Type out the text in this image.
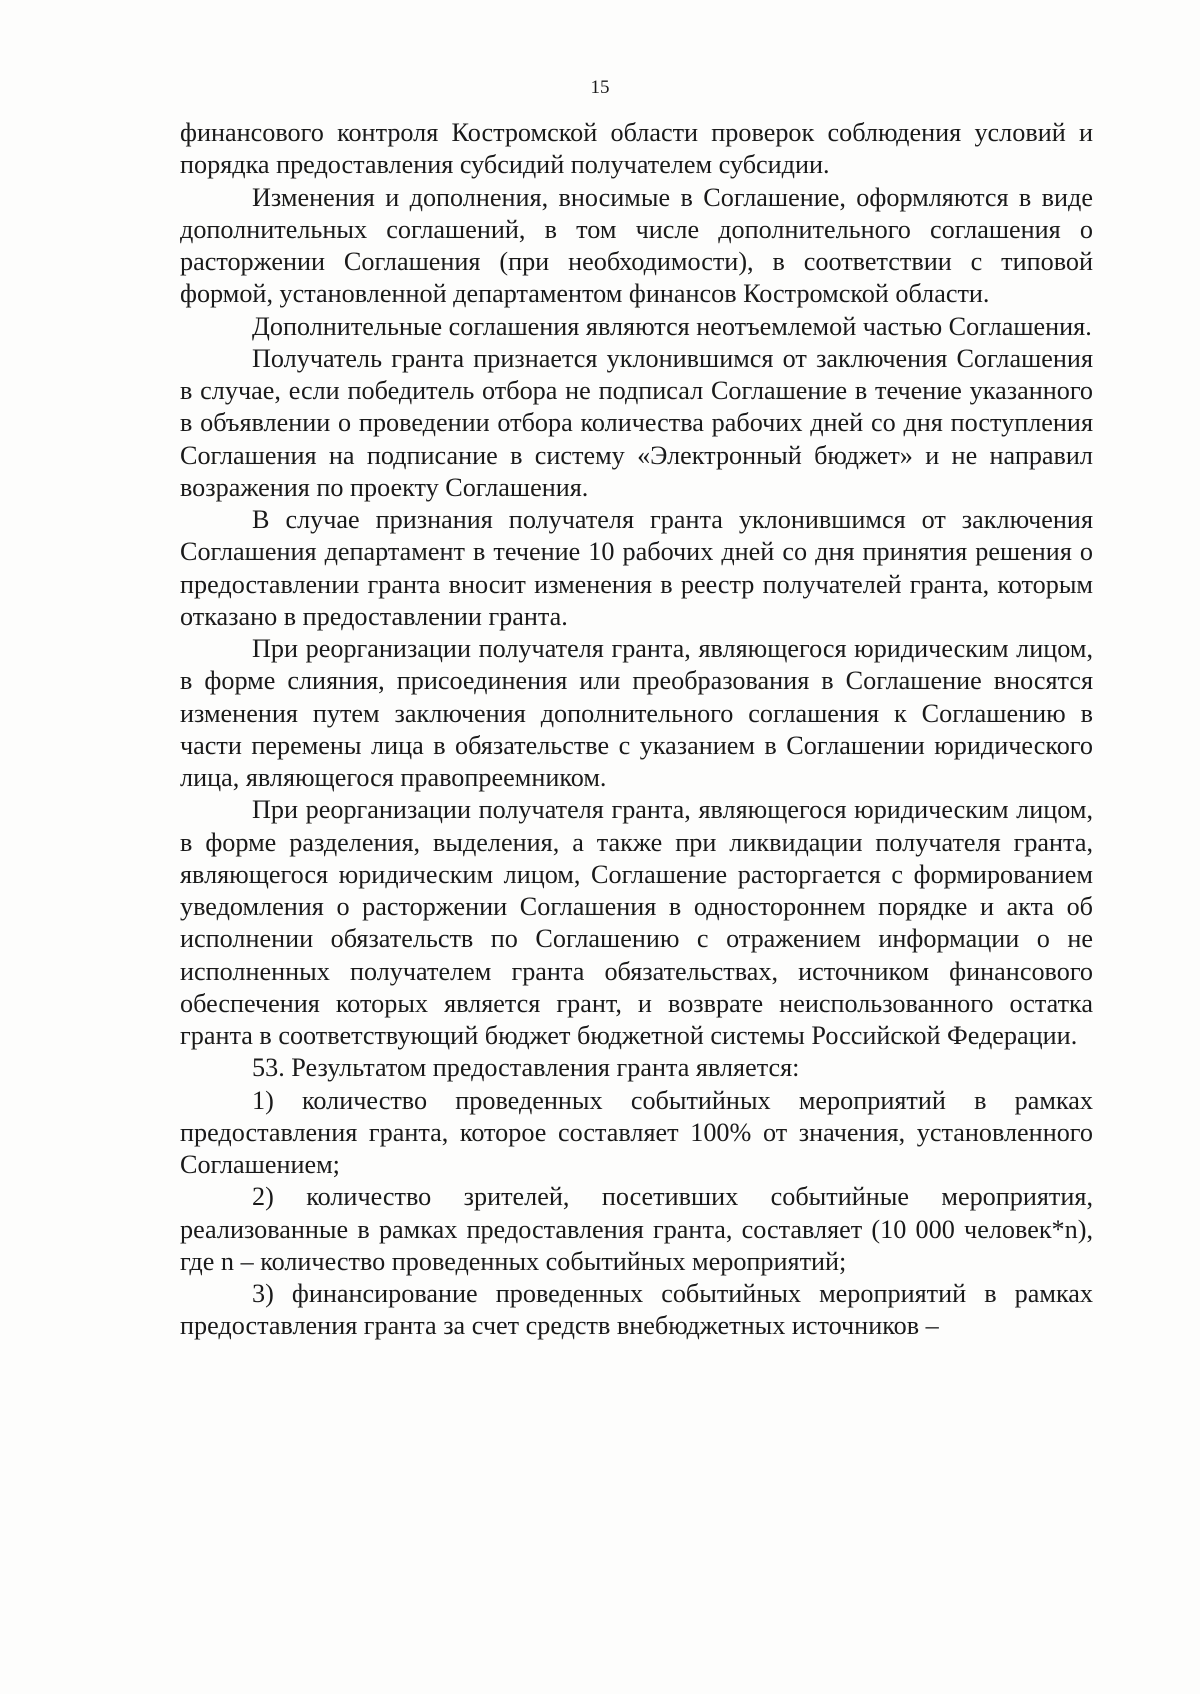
15

финансового контроля Костромской области проверок соблюдения условий и порядка предоставления субсидий получателем субсидии.

Изменения и дополнения, вносимые в Соглашение, оформляются в виде дополнительных соглашений, в том числе дополнительного соглашения о расторжении Соглашения (при необходимости), в соответствии с типовой формой, установленной департаментом финансов Костромской области.

Дополнительные соглашения являются неотъемлемой частью Соглашения.

Получатель гранта признается уклонившимся от заключения Соглашения в случае, если победитель отбора не подписал Соглашение в течение указанного в объявлении о проведении отбора количества рабочих дней со дня поступления Соглашения на подписание в систему «Электронный бюджет» и не направил возражения по проекту Соглашения.

В случае признания получателя гранта уклонившимся от заключения Соглашения департамент в течение 10 рабочих дней со дня принятия решения о предоставлении гранта вносит изменения в реестр получателей гранта, которым отказано в предоставлении гранта.

При реорганизации получателя гранта, являющегося юридическим лицом, в форме слияния, присоединения или преобразования в Соглашение вносятся изменения путем заключения дополнительного соглашения к Соглашению в части перемены лица в обязательстве с указанием в Соглашении юридического лица, являющегося правопреемником.

При реорганизации получателя гранта, являющегося юридическим лицом, в форме разделения, выделения, а также при ликвидации получателя гранта, являющегося юридическим лицом, Соглашение расторгается с формированием уведомления о расторжении Соглашения в одностороннем порядке и акта об исполнении обязательств по Соглашению с отражением информации о не исполненных получателем гранта обязательствах, источником финансового обеспечения которых является грант, и возврате неиспользованного остатка гранта в соответствующий бюджет бюджетной системы Российской Федерации.

53. Результатом предоставления гранта является:

1) количество проведенных событийных мероприятий в рамках предоставления гранта, которое составляет 100% от значения, установленного Соглашением;

2) количество зрителей, посетивших событийные мероприятия, реализованные в рамках предоставления гранта, составляет (10 000 человек*n), где n – количество проведенных событийных мероприятий;

3) финансирование проведенных событийных мероприятий в рамках предоставления гранта за счет средств внебюджетных источников –
